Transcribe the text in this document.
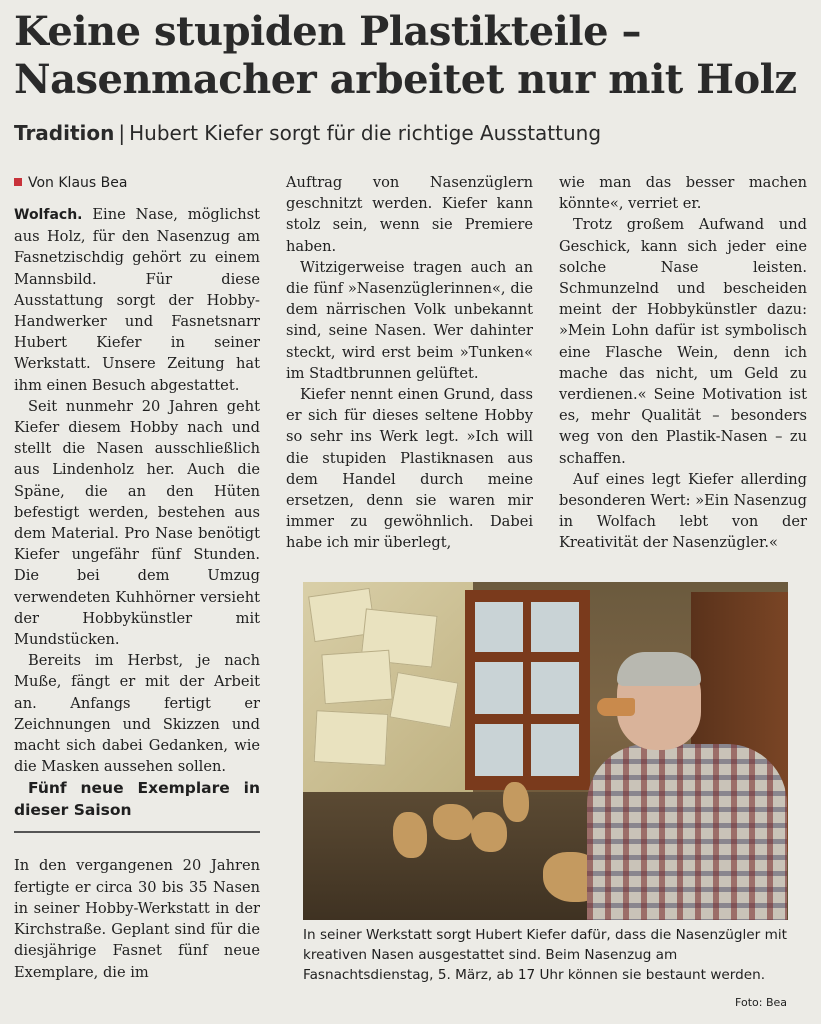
Keine stupiden Plastikteile –
Nasenmacher arbeitet nur mit Holz
Tradition | Hubert Kiefer sorgt für die richtige Ausstattung
Von Klaus Bea

Wolfach. Eine Nase, möglichst aus Holz, für den Nasenzug am Fasnetzischdig gehört zu einem Mannsbild. Für diese Ausstattung sorgt der Hobby-Handwerker und Fasnetsnarr Hubert Kiefer in seiner Werkstatt. Unsere Zeitung hat ihm einen Besuch abgestattet.

Seit nunmehr 20 Jahren geht Kiefer diesem Hobby nach und stellt die Nasen ausschließlich aus Lindenholz her. Auch die Späne, die an den Hüten befestigt werden, bestehen aus dem Material. Pro Nase benötigt Kiefer ungefähr fünf Stunden. Die bei dem Umzug verwendeten Kuhhörner versieht der Hobbykünstler mit Mundstücken.

Bereits im Herbst, je nach Muße, fängt er mit der Arbeit an. Anfangs fertigt er Zeichnungen und Skizzen und macht sich dabei Gedanken, wie die Masken aussehen sollen.

Fünf neue Exemplare in dieser Saison

In den vergangenen 20 Jahren fertigte er circa 30 bis 35 Nasen in seiner Hobby-Werkstatt in der Kirchstraße. Geplant sind für die diesjährige Fasnet fünf neue Exemplare, die im

Auftrag von Nasenzüglern geschnitzt werden. Kiefer kann stolz sein, wenn sie Premiere haben.

Witzigerweise tragen auch an die fünf »Nasenzüglerinnen«, die dem närrischen Volk unbekannt sind, seine Nasen. Wer dahinter steckt, wird erst beim »Tunken« im Stadtbrunnen gelüftet.

Kiefer nennt einen Grund, dass er sich für dieses seltene Hobby so sehr ins Werk legt. »Ich will die stupiden Plastiknasen aus dem Handel durch meine ersetzen, denn sie waren mir immer zu gewöhnlich. Dabei habe ich mir überlegt,

wie man das besser machen könnte«, verriet er.

Trotz großem Aufwand und Geschick, kann sich jeder eine solche Nase leisten. Schmunzelnd und bescheiden meint der Hobbykünstler dazu: »Mein Lohn dafür ist symbolisch eine Flasche Wein, denn ich mache das nicht, um Geld zu verdienen.« Seine Motivation ist es, mehr Qualität – besonders weg von den Plastik-Nasen – zu schaffen.

Auf eines legt Kiefer allerding besonderen Wert: »Ein Nasenzug in Wolfach lebt von der Kreativität der Nasenzügler.«

In seiner Werkstatt sorgt Hubert Kiefer dafür, dass die Nasenzügler mit kreativen Nasen ausgestattet sind. Beim Nasenzug am Fasnachtsdienstag, 5. März, ab 17 Uhr können sie bestaunt werden.
Foto: Bea
